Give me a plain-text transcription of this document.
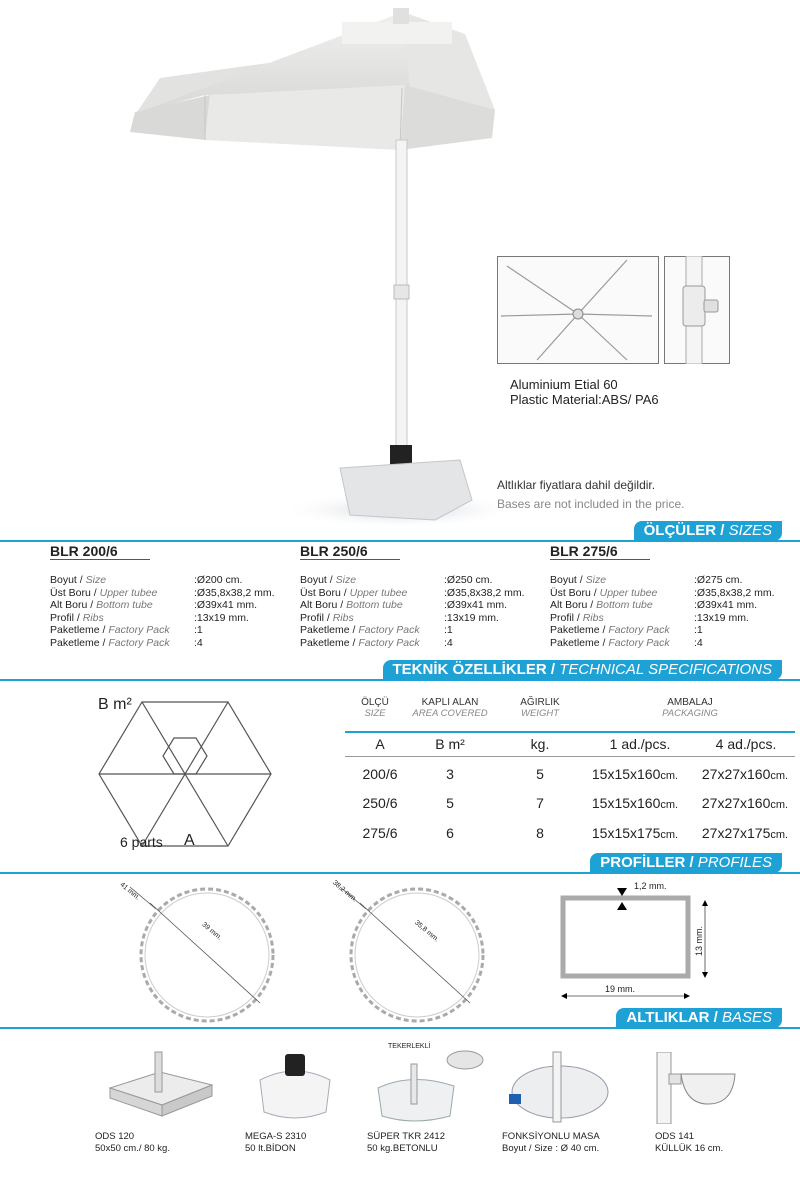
Aluminium Etial 60
Plastic Material:ABS/ PA6
Altlıklar fiyatlara dahil değildir.
Bases are not included in the price.
ÖLÇÜLER / SIZES
BLR 200/6
Boyut / Size	:Ø200 cm.
Üst Boru / Upper tubee	:Ø35,8x38,2 mm.
Alt Boru / Bottom tube	:Ø39x41 mm.
Profil / Ribs	:13x19 mm.
Paketleme / Factory Pack	:1
Paketleme / Factory Pack	:4
BLR 250/6
Boyut / Size	:Ø250 cm.
Üst Boru / Upper tubee	:Ø35,8x38,2 mm.
Alt Boru / Bottom tube	:Ø39x41 mm.
Profil / Ribs	:13x19 mm.
Paketleme / Factory Pack	:1
Paketleme / Factory Pack	:4
BLR 275/6
Boyut / Size	:Ø275 cm.
Üst Boru / Upper tubee	:Ø35,8x38,2 mm.
Alt Boru / Bottom tube	:Ø39x41 mm.
Profil / Ribs	:13x19 mm.
Paketleme / Factory Pack	:1
Paketleme / Factory Pack	:4
TEKNİK ÖZELLİKLER / TECHNICAL SPECIFICATIONS
B m²
6 parts A
ÖLÇÜ
SIZE
KAPLI ALAN
AREA COVERED
AĞIRLIK
WEIGHT
AMBALAJ
PACKAGING
A	B m²	kg.	1 ad./pcs.	4 ad./pcs.
200/6	3	5	15x15x160cm.	27x27x160cm.
250/6	5	7	15x15x160cm.	27x27x160cm.
275/6	6	8	15x15x175cm.	27x27x175cm.
PROFİLLER / PROFILES
41 mm.
39 mm.
38,2 mm.
35,8 mm.
1,2 mm.
13 mm.
19 mm.
ALTLIKLAR / BASES
TEKERLEKLİ
ODS 120
50x50 cm./ 80 kg.
MEGA-S 2310
50 lt.BİDON
SÜPER TKR 2412
50 kg.BETONLU
FONKSİYONLU MASA
Boyut / Size : Ø 40 cm.
ODS 141
KÜLLÜK 16 cm.
